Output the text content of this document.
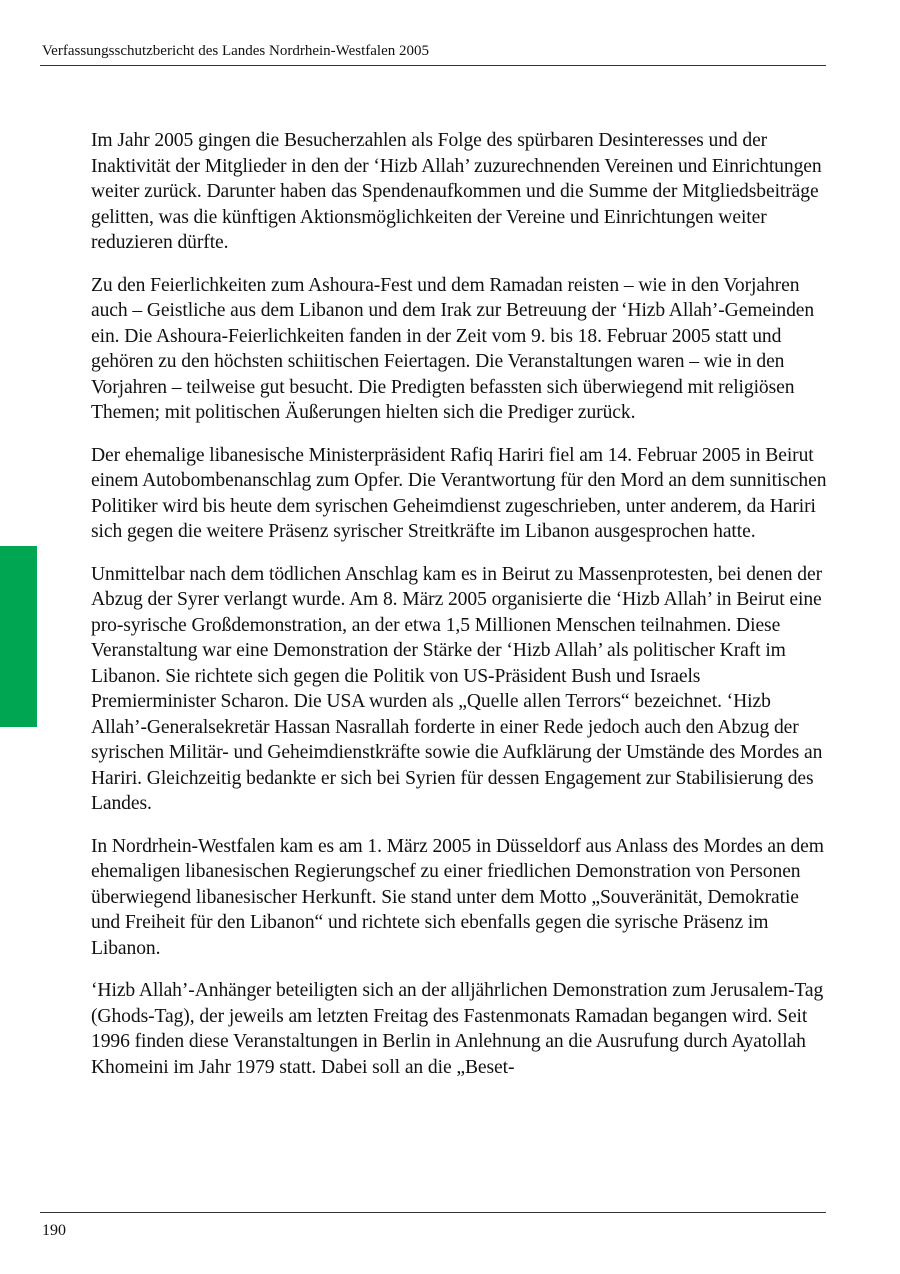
Verfassungsschutzbericht des Landes Nordrhein-Westfalen 2005

Im Jahr 2005 gingen die Besucherzahlen als Folge des spürbaren Desinteresses und der Inaktivität der Mitglieder in den der ‘Hizb Allah’ zuzurechnenden Vereinen und Einrichtungen weiter zurück. Darunter haben das Spendenaufkommen und die Summe der Mitgliedsbeiträge gelitten, was die künftigen Aktionsmöglichkeiten der Vereine und Einrichtungen weiter reduzieren dürfte.

Zu den Feierlichkeiten zum Ashoura-Fest und dem Ramadan reisten – wie in den Vorjahren auch – Geistliche aus dem Libanon und dem Irak zur Betreuung der ‘Hizb Allah’-Gemeinden ein. Die Ashoura-Feierlichkeiten fanden in der Zeit vom 9. bis 18. Februar 2005 statt und gehören zu den höchsten schiitischen Feiertagen. Die Veranstaltungen waren – wie in den Vorjahren – teilweise gut besucht. Die Predigten befassten sich überwiegend mit religiösen Themen; mit politischen Äußerungen hielten sich die Prediger zurück.

Der ehemalige libanesische Ministerpräsident Rafiq Hariri fiel am 14. Februar 2005 in Beirut einem Autobombenanschlag zum Opfer. Die Verantwortung für den Mord an dem sunnitischen Politiker wird bis heute dem syrischen Geheimdienst zugeschrieben, unter anderem, da Hariri sich gegen die weitere Präsenz syrischer Streitkräfte im Libanon ausgesprochen hatte.

Unmittelbar nach dem tödlichen Anschlag kam es in Beirut zu Massenprotesten, bei denen der Abzug der Syrer verlangt wurde. Am 8. März 2005 organisierte die ‘Hizb Allah’ in Beirut eine pro-syrische Großdemonstration, an der etwa 1,5 Millionen Menschen teilnahmen. Diese Veranstaltung war eine Demonstration der Stärke der ‘Hizb Allah’ als politischer Kraft im Libanon. Sie richtete sich gegen die Politik von US-Präsident Bush und Israels Premierminister Scharon. Die USA wurden als „Quelle allen Terrors“ bezeichnet. ‘Hizb Allah’-Generalsekretär Hassan Nasrallah forderte in einer Rede jedoch auch den Abzug der syrischen Militär- und Geheimdienstkräfte sowie die Aufklärung der Umstände des Mordes an Hariri. Gleichzeitig bedankte er sich bei Syrien für dessen Engagement zur Stabilisierung des Landes.

In Nordrhein-Westfalen kam es am 1. März 2005 in Düsseldorf aus Anlass des Mordes an dem ehemaligen libanesischen Regierungschef zu einer friedlichen Demonstration von Personen überwiegend libanesischer Herkunft. Sie stand unter dem Motto „Souveränität, Demokratie und Freiheit für den Libanon“ und richtete sich ebenfalls gegen die syrische Präsenz im Libanon.

‘Hizb Allah’-Anhänger beteiligten sich an der alljährlichen Demonstration zum Jerusalem-Tag (Ghods-Tag), der jeweils am letzten Freitag des Fastenmonats Ramadan begangen wird. Seit 1996 finden diese Veranstaltungen in Berlin in Anlehnung an die Ausrufung durch Ayatollah Khomeini im Jahr 1979 statt. Dabei soll an die „Beset-

190
